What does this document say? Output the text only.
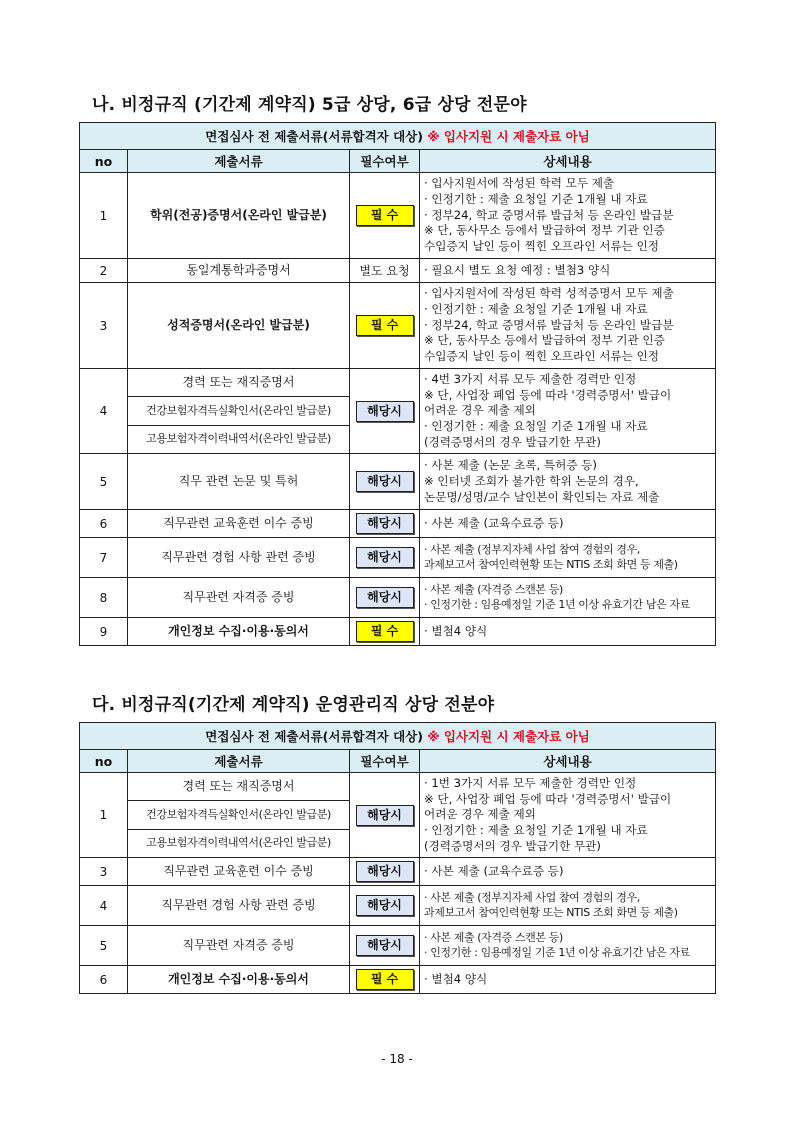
나. 비정규직 (기간제 계약직) 5급 상당, 6급 상당 전문야
면접심사 전 제출서류(서류합격자 대상) ※ 입사지원 시 제출자료 아님			
no	제출서류	필수여부	상세내용
1	학위(전공)증명서(온라인 발급분)	필 수	· 입사지원서에 작성된 학력 모두 제출
· 인정기한 : 제출 요청일 기준 1개월 내 자료
· 정부24, 학교 증명서류 발급처 등 온라인 발급분
※ 단, 동사무소 등에서 발급하여 정부 기관 인증
수입증지 날인 등이 찍힌 오프라인 서류는 인정

2	동일계통학과증명서	별도 요청	· 필요시 별도 요청 예정 : 별첨3 양식

3	성적증명서(온라인 발급분)	필 수	· 입사지원서에 작성된 학력 성적증명서 모두 제출
· 인정기한 : 제출 요청일 기준 1개월 내 자료
· 정부24, 학교 증명서류 발급처 등 온라인 발급분
※ 단, 동사무소 등에서 발급하여 정부 기관 인증
수입증지 날인 등이 찍힌 오프라인 서류는 인정

4	경력 또는 재직증명서	해당시	· 4번 3가지 서류 모두 제출한 경력만 인정
※ 단, 사업장 폐업 등에 따라 '경력증명서' 발급이
어려운 경우 제출 제외
· 인정기한 : 제출 요청일 기준 1개월 내 자료
(경력증명서의 경우 발급기한 무관)

	건강보험자격득실확인서(온라인 발급분)		
	고용보험자격이력내역서(온라인 발급분)		
5	직무 관련 논문 및 특허	해당시	· 사본 제출 (논문 초록, 특허증 등)
※ 인터넷 조회가 불가한 학위 논문의 경우,
논문명/성명/교수 날인본이 확인되는 자료 제출

6	직무관련 교육훈련 이수 증빙	해당시	· 사본 제출 (교육수료증 등)

7	직무관련 경험 사항 관련 증빙	해당시	· 사본 제출 (정부지자체 사업 참여 경험의 경우,
과제보고서 참여인력현황 또는 NTIS 조회 화면 등 제출)

8	직무관련 자격증 증빙	해당시	· 사본 제출 (자격증 스캔본 등)
· 인정기한 : 임용예정일 기준 1년 이상 유효기간 남은 자료

9	개인정보 수집·이용·동의서	필 수	· 별첨4 양식
다. 비정규직(기간제 계약직) 운영관리직 상당 전분야
면접심사 전 제출서류(서류합격자 대상) ※ 입사지원 시 제출자료 아님			
no	제출서류	필수여부	상세내용
1	경력 또는 재직증명서	해당시	· 1번 3가지 서류 모두 제출한 경력만 인정
※ 단, 사업장 폐업 등에 따라 '경력증명서' 발급이
어려운 경우 제출 제외
· 인정기한 : 제출 요청일 기준 1개월 내 자료
(경력증명서의 경우 발급기한 무관)

	건강보험자격득실확인서(온라인 발급분)		
	고용보험자격이력내역서(온라인 발급분)		
3	직무관련 교육훈련 이수 증빙	해당시	· 사본 제출 (교육수료증 등)

4	직무관련 경험 사항 관련 증빙	해당시	· 사본 제출 (정부지자체 사업 참여 경험의 경우,
과제보고서 참여인력현황 또는 NTIS 조회 화면 등 제출)

5	직무관련 자격증 증빙	해당시	· 사본 제출 (자격증 스캔본 등)
· 인정기한 : 임용예정일 기준 1년 이상 유효기간 남은 자료

6	개인정보 수집·이용·동의서	필 수	· 별첨4 양식
- 18 -
